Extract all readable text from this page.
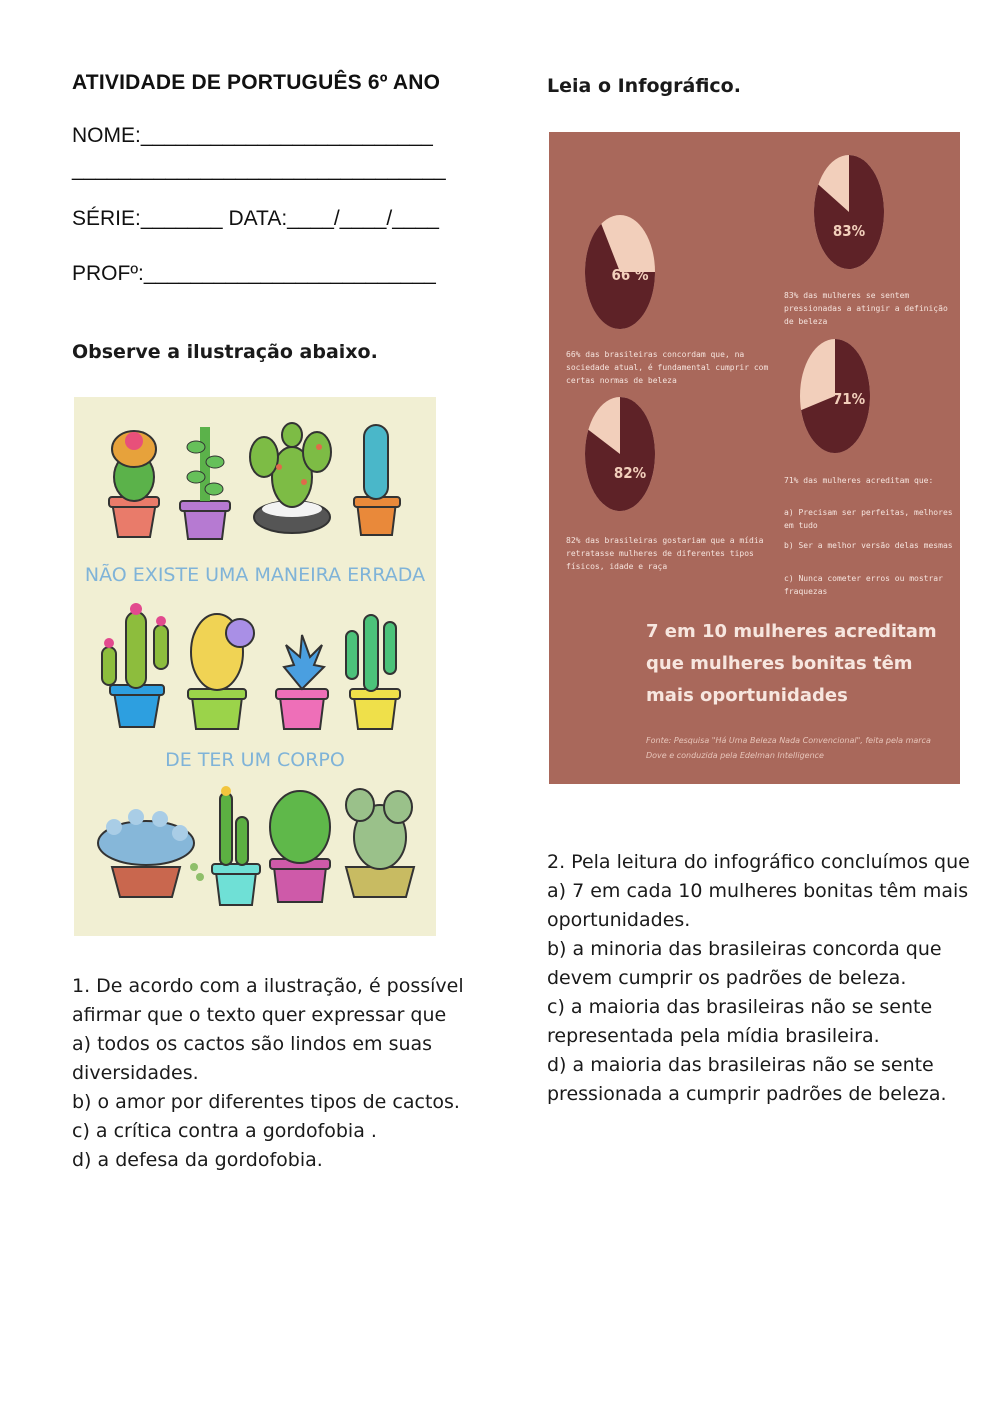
ATIVIDADE DE PORTUGUÊS 6º ANO
NOME:_________________________
________________________________
SÉRIE:_______ DATA:____/____/____
PROFº:_________________________
Observe a ilustração abaixo.
NÃO EXISTE UMA MANEIRA ERRADA
DE TER UM CORPO

1. De acordo com a ilustração, é possível

afirmar que o texto quer expressar que

a) todos os cactos são lindos em suas diversidades.

b) o amor por diferentes tipos de cactos.

c) a crítica contra a gordofobia .

d) a defesa da gordofobia.

Leia o Infográfico.
66 %
83%
82%
71%
66% das brasileiras concordam que, na sociedade atual, é fundamental cumprir com certas normas de beleza
83% das mulheres se sentem pressionadas a atingir a definição de beleza
82% das brasileiras gostariam que a mídia retratasse mulheres de diferentes tipos físicos, idade e raça
71% das mulheres acreditam que:
a) Precisam ser perfeitas, melhores em tudo
b) Ser a melhor versão delas mesmas
c) Nunca cometer erros ou mostrar fraquezas
7 em 10 mulheres acreditam
que mulheres bonitas têm
mais oportunidades
Fonte: Pesquisa "Há Uma Beleza Nada Convencional", feita pela marca Dove e conduzida pela Edelman Intelligence

2. Pela leitura do infográfico concluímos que

a) 7 em cada 10 mulheres bonitas têm mais oportunidades.

b) a minoria das brasileiras concorda que devem cumprir os padrões de beleza.

c) a maioria das brasileiras não se sente representada pela mídia brasileira.

d) a maioria das brasileiras não se sente pressionada a cumprir padrões de beleza.
